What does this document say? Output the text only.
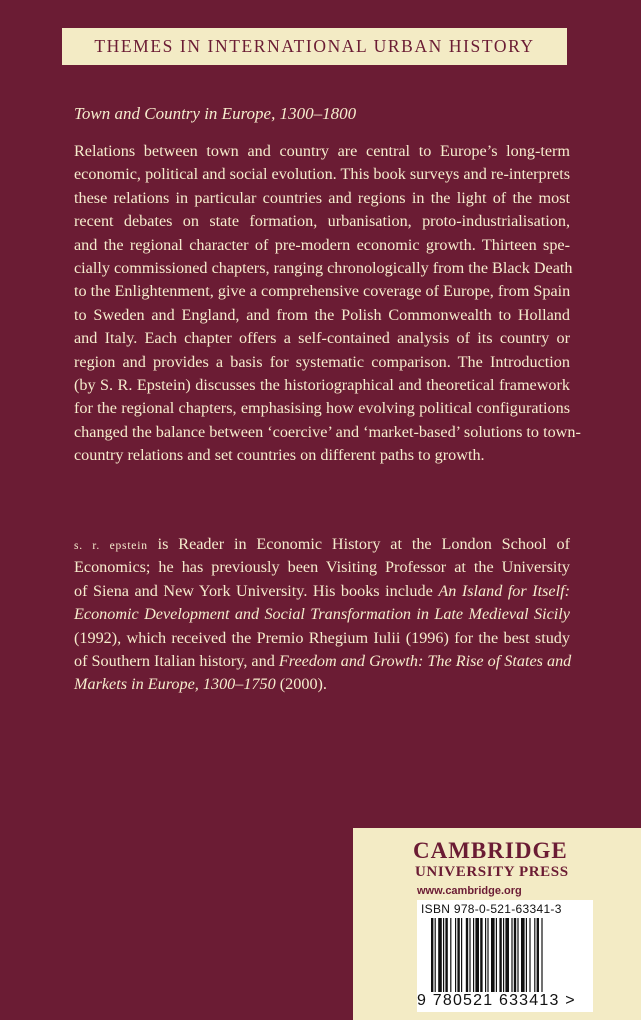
THEMES IN INTERNATIONAL URBAN HISTORY
Town and Country in Europe, 1300–1800
Relations between town and country are central to Europe’s long-term
economic, political and social evolution. This book surveys and re-interprets
these relations in particular countries and regions in the light of the most
recent debates on state formation, urbanisation, proto-industrialisation,
and the regional character of pre-modern economic growth. Thirteen spe-
cially commissioned chapters, ranging chronologically from the Black Death
to the Enlightenment, give a comprehensive coverage of Europe, from Spain
to Sweden and England, and from the Polish Commonwealth to Holland
and Italy. Each chapter offers a self-contained analysis of its country or
region and provides a basis for systematic comparison. The Introduction
(by S. R. Epstein) discusses the historiographical and theoretical framework
for the regional chapters, emphasising how evolving political configurations
changed the balance between ‘coercive’ and ‘market-based’ solutions to town-
country relations and set countries on different paths to growth.
s. r. epstein is Reader in Economic History at the London School of
Economics; he has previously been Visiting Professor at the University
of Siena and New York University. His books include An Island for Itself:
Economic Development and Social Transformation in Late Medieval Sicily
(1992), which received the Premio Rhegium Iulii (1996) for the best study
of Southern Italian history, and Freedom and Growth: The Rise of States and
Markets in Europe, 1300–1750 (2000).
CAMBRIDGE
UNIVERSITY PRESS
www.cambridge.org
ISBN 978-0-521-63341-3
9 780521 633413 >
